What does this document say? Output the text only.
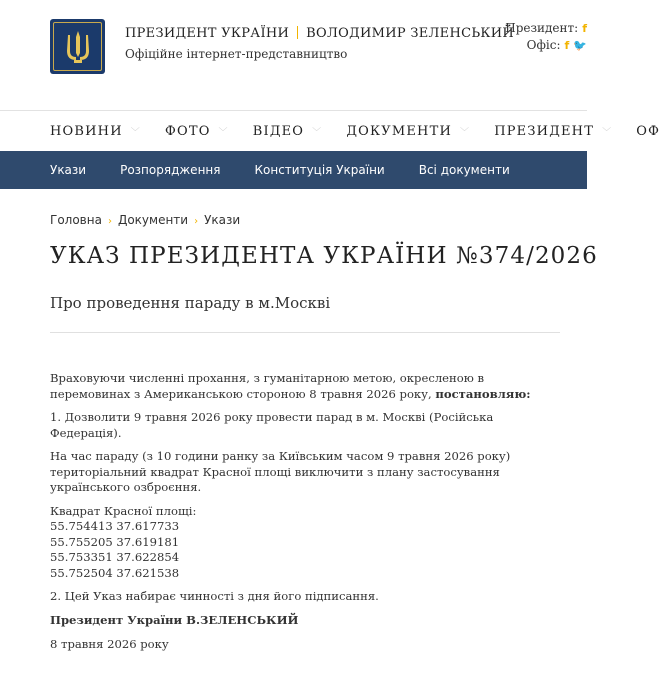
ПРЕЗИДЕНТ УКРАЇНИ ВОЛОДИМИР ЗЕЛЕНСЬКИЙ
Офіційне інтернет-представництво
Президент: f
Офіс: f 🐦
НОВИНИ ﹀ ФОТО ﹀ ВІДЕО ﹀ ДОКУМЕНТИ ﹀ ПРЕЗИДЕНТ ﹀ ОФ
Укази	Розпорядження	Конституція України	Всі документи
Головна › Документи › Укази
УКАЗ ПРЕЗИДЕНТА УКРАЇНИ №374/2026
Про проведення параду в м.Москві

Враховуючи численні прохання, з гуманітарною метою, окресленою в перемовинах з Американською стороною 8 травня 2026 року, постановляю:

1. Дозволити 9 травня 2026 року провести парад в м. Москві (Російська Федерація).

На час параду (з 10 години ранку за Київським часом 9 травня 2026 року) територіальний квадрат Красної площі виключити з плану застосування українського озброєння.

Квадрат Красної площі:
55.754413 37.617733
55.755205 37.619181
55.753351 37.622854
55.752504 37.621538

2. Цей Указ набирає чинності з дня його підписання.

Президент України В.ЗЕЛЕНСЬКИЙ

8 травня 2026 року
